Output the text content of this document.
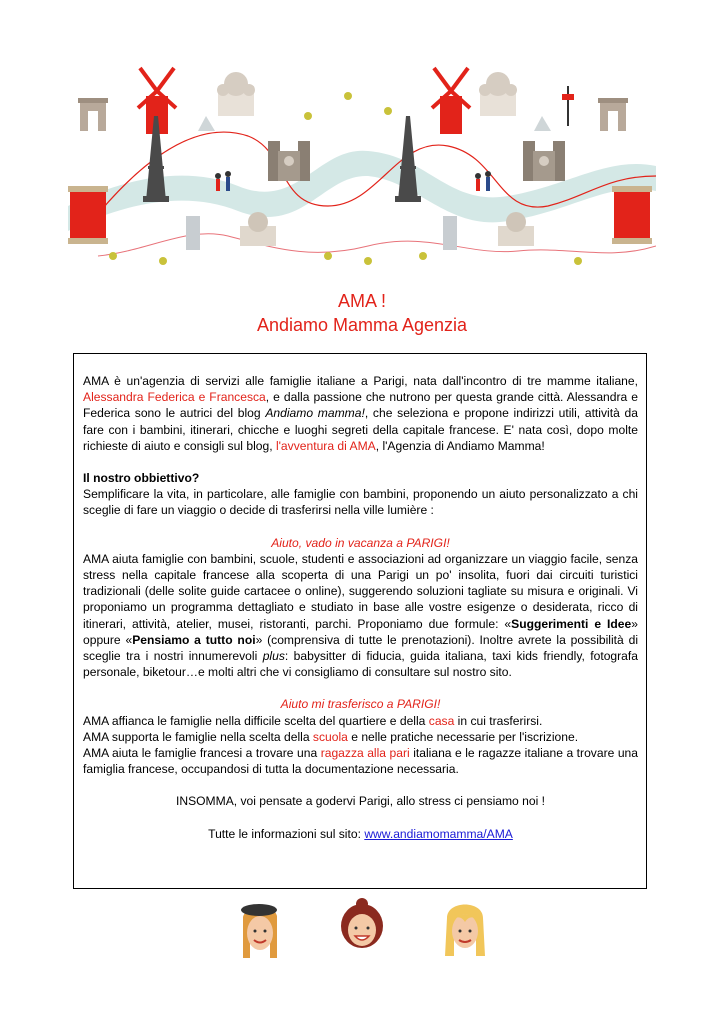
AMA !
Andiamo Mamma Agenzia

AMA è un'agenzia di servizi alle famiglie italiane a Parigi, nata dall'incontro di tre mamme italiane, Alessandra Federica e Francesca, e dalla passione che nutrono per questa grande città. Alessandra e Federica sono le autrici del blog Andiamo mamma!, che seleziona e propone indirizzi utili, attività da fare con i bambini, itinerari, chicche e luoghi segreti della capitale francese. E' nata così, dopo molte richieste di aiuto e consigli sul blog, l'avventura di AMA, l'Agenzia di Andiamo Mamma!

Il nostro obbiettivo?

Semplificare la vita, in particolare, alle famiglie con bambini, proponendo un aiuto personalizzato a chi sceglie di fare un viaggio o decide di trasferirsi nella ville lumière :

Aiuto, vado in vacanza a PARIGI!

AMA aiuta famiglie con bambini, scuole, studenti e associazioni ad organizzare un viaggio facile, senza stress nella capitale francese alla scoperta di una Parigi un po' insolita, fuori dai circuiti turistici tradizionali (delle solite guide cartacee o online), suggerendo soluzioni tagliate su misura e originali. Vi proponiamo un programma dettagliato e studiato in base alle vostre esigenze o desiderata, ricco di itinerari, attività, atelier, musei, ristoranti, parchi. Proponiamo due formule: «Suggerimenti e Idee» oppure «Pensiamo a tutto noi» (comprensiva di tutte le prenotazioni). Inoltre avrete la possibilità di sceglie tra i nostri innumerevoli plus: babysitter di fiducia, guida italiana, taxi kids friendly, fotografa personale, biketour…e molti altri che vi consigliamo di consultare sul nostro sito.

Aiuto mi trasferisco a PARIGI!

AMA affianca le famiglie nella difficile scelta del quartiere e della casa in cui trasferirsi.

AMA supporta le famiglie nella scelta della scuola e nelle pratiche necessarie per l'iscrizione.

AMA aiuta le famiglie francesi a trovare una ragazza alla pari italiana e le ragazze italiane a trovare una famiglia francese, occupandosi di tutta la documentazione necessaria.

INSOMMA, voi pensate a godervi Parigi, allo stress ci pensiamo noi !

Tutte le informazioni sul sito: www.andiamomamma/AMA
